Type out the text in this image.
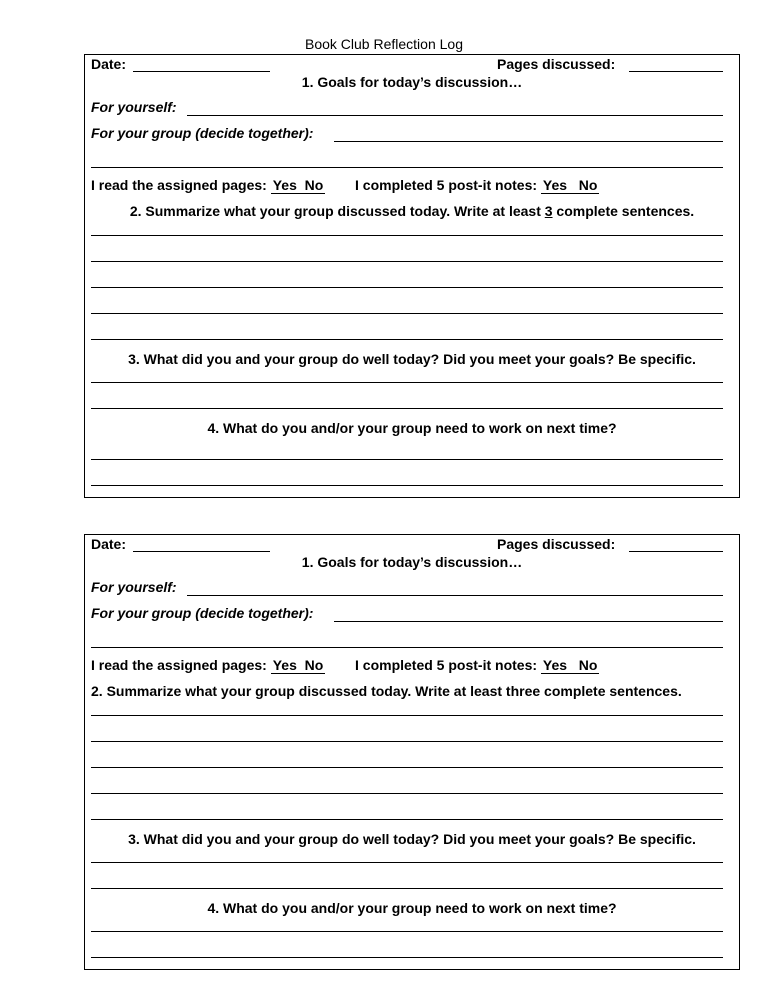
Book Club Reflection Log
Date:	Pages discussed:
1. Goals for today’s discussion…
For yourself:
For your group (decide together):
I read the assigned pages: Yes  No I completed 5 post-it notes: Yes   No
2. Summarize what your group discussed today. Write at least 3 complete sentences.
3. What did you and your group do well today? Did you meet your goals? Be specific.
4. What do you and/or your group need to work on next time?
Date:	Pages discussed:
1. Goals for today’s discussion…
For yourself:
For your group (decide together):
I read the assigned pages: Yes  No I completed 5 post-it notes: Yes   No
2. Summarize what your group discussed today. Write at least three complete sentences.
3. What did you and your group do well today? Did you meet your goals? Be specific.
4. What do you and/or your group need to work on next time?
